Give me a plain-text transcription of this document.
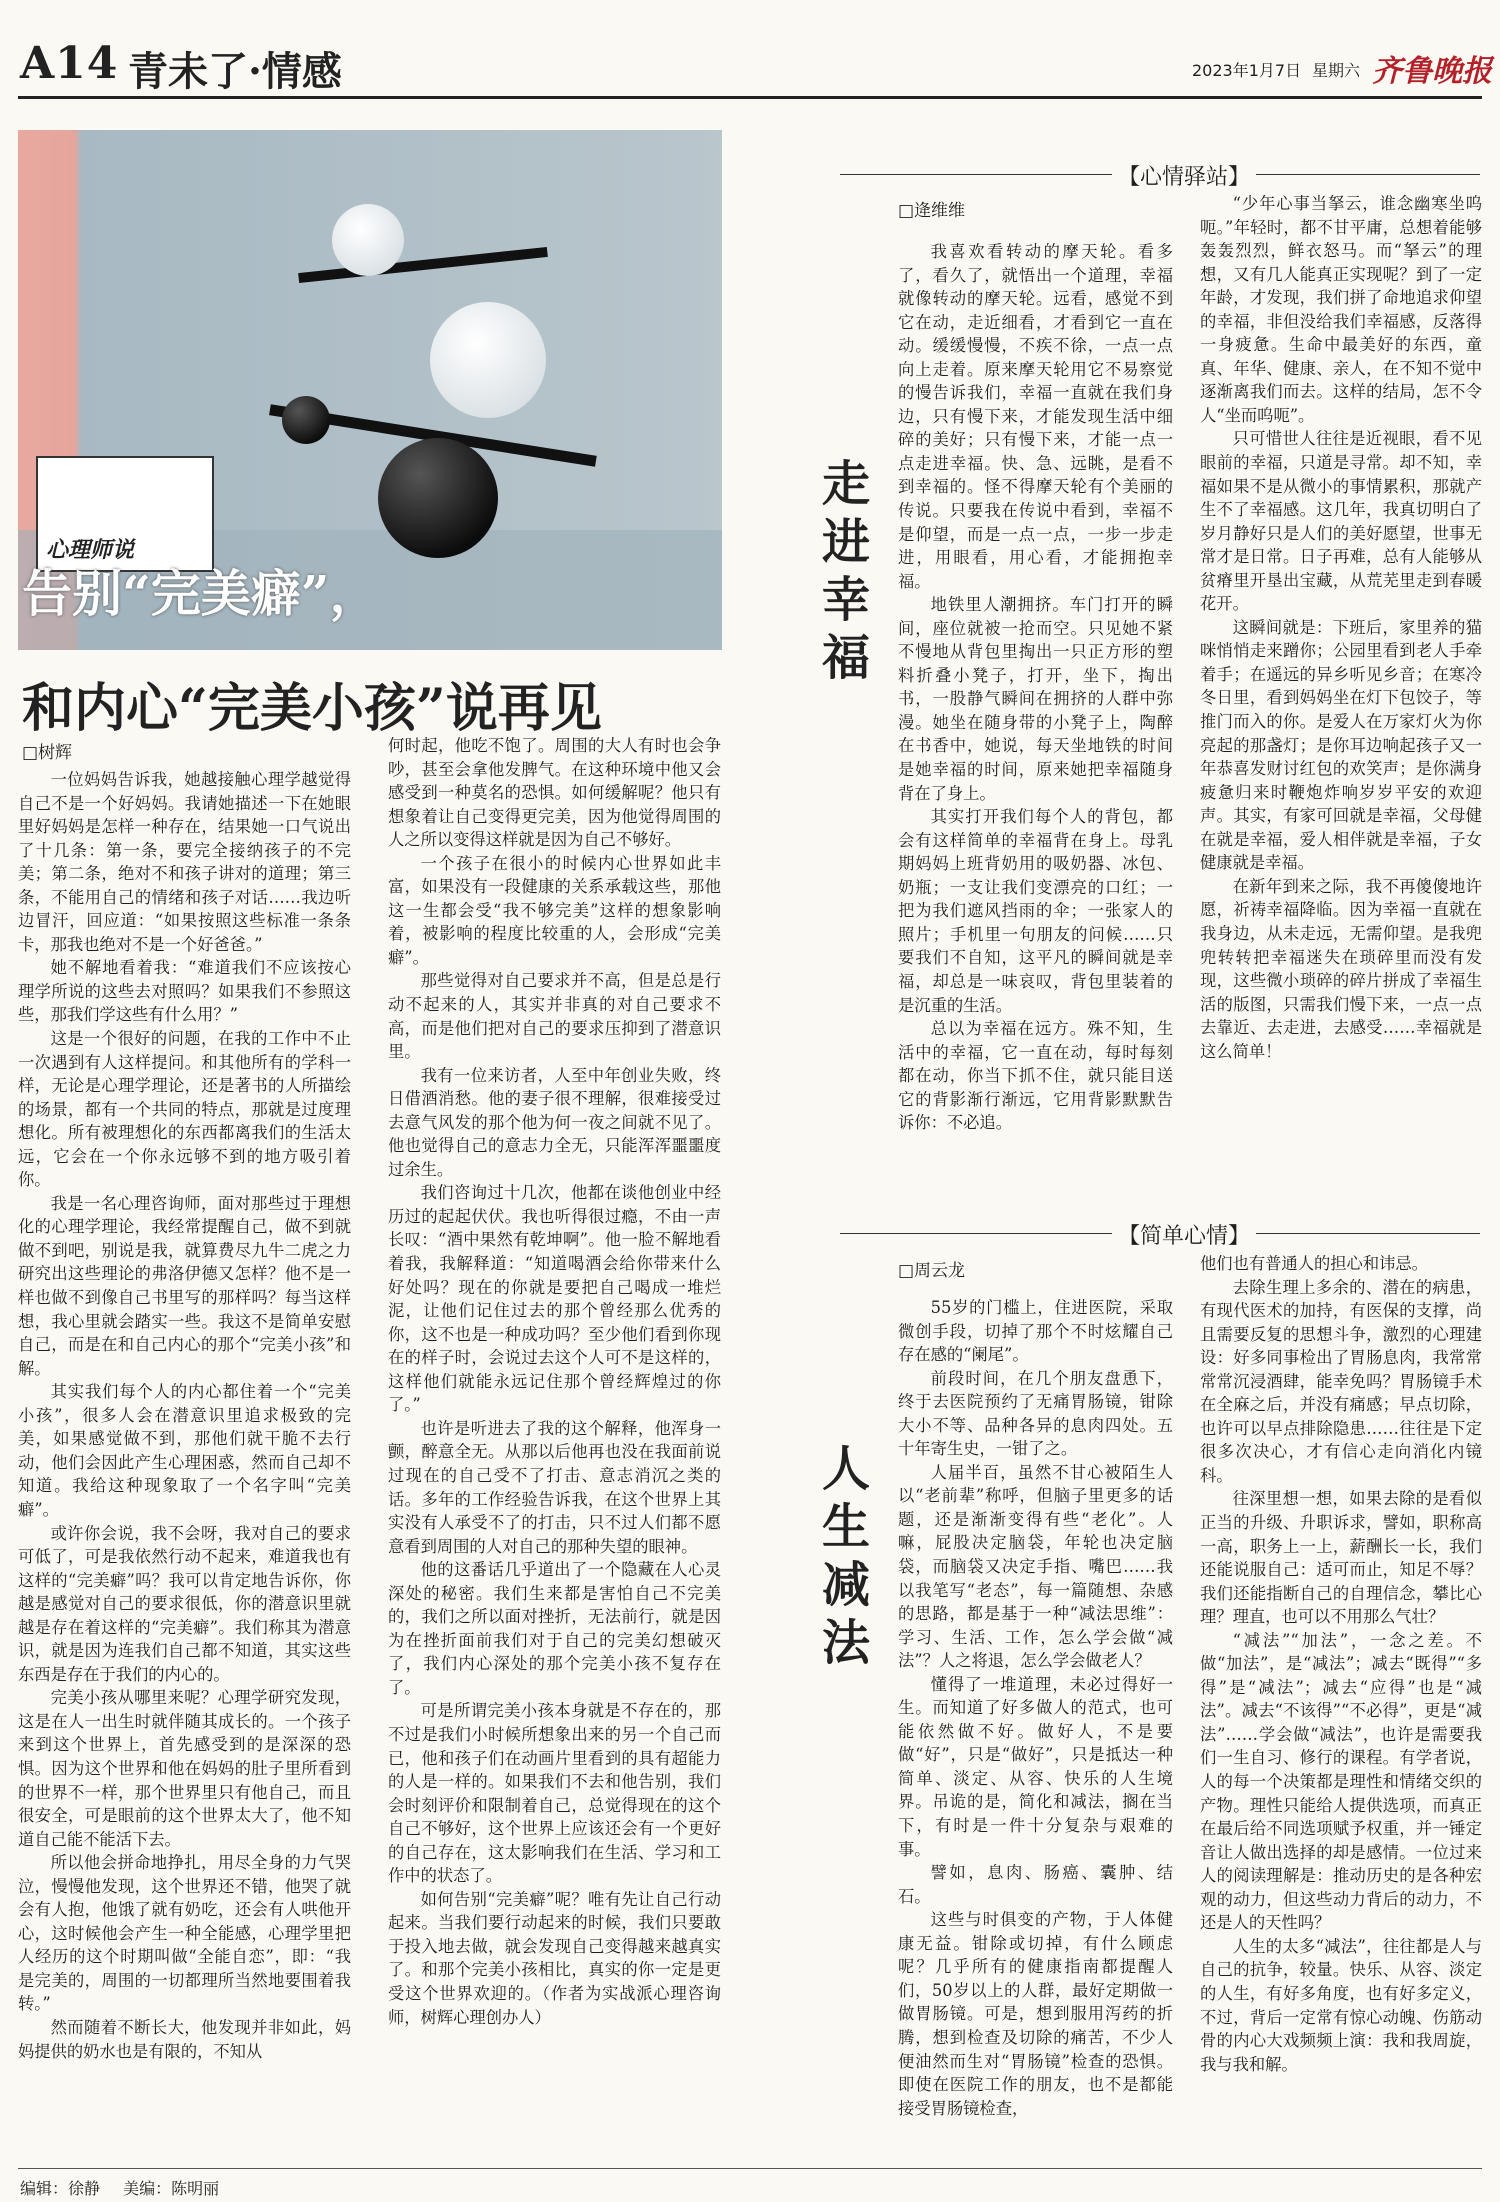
A14 青未了·情感	2023年1月7日 星期六 齐鲁晚报
心理师说
告别“完美癖”，
和内心“完美小孩”说再见
□树辉

一位妈妈告诉我，她越接触心理学越觉得自己不是一个好妈妈。我请她描述一下在她眼里好妈妈是怎样一种存在，结果她一口气说出了十几条：第一条，要完全接纳孩子的不完美；第二条，绝对不和孩子讲对的道理；第三条，不能用自己的情绪和孩子对话……我边听边冒汗，回应道：“如果按照这些标准一条条卡，那我也绝对不是一个好爸爸。”

她不解地看着我：“难道我们不应该按心理学所说的这些去对照吗？如果我们不参照这些，那我们学这些有什么用？”

这是一个很好的问题，在我的工作中不止一次遇到有人这样提问。和其他所有的学科一样，无论是心理学理论，还是著书的人所描绘的场景，都有一个共同的特点，那就是过度理想化。所有被理想化的东西都离我们的生活太远，它会在一个你永远够不到的地方吸引着你。

我是一名心理咨询师，面对那些过于理想化的心理学理论，我经常提醒自己，做不到就做不到吧，别说是我，就算费尽九牛二虎之力研究出这些理论的弗洛伊德又怎样？他不是一样也做不到像自己书里写的那样吗？每当这样想，我心里就会踏实一些。我这不是简单安慰自己，而是在和自己内心的那个“完美小孩”和解。

其实我们每个人的内心都住着一个“完美小孩”，很多人会在潜意识里追求极致的完美，如果感觉做不到，那他们就干脆不去行动，他们会因此产生心理困惑，然而自己却不知道。我给这种现象取了一个名字叫“完美癖”。

或许你会说，我不会呀，我对自己的要求可低了，可是我依然行动不起来，难道我也有这样的“完美癖”吗？我可以肯定地告诉你，你越是感觉对自己的要求很低，你的潜意识里就越是存在着这样的“完美癖”。我们称其为潜意识，就是因为连我们自己都不知道，其实这些东西是存在于我们的内心的。

完美小孩从哪里来呢？心理学研究发现，这是在人一出生时就伴随其成长的。一个孩子来到这个世界上，首先感受到的是深深的恐惧。因为这个世界和他在妈妈的肚子里所看到的世界不一样，那个世界里只有他自己，而且很安全，可是眼前的这个世界太大了，他不知道自己能不能活下去。

所以他会拼命地挣扎，用尽全身的力气哭泣，慢慢他发现，这个世界还不错，他哭了就会有人抱，他饿了就有奶吃，还会有人哄他开心，这时候他会产生一种全能感，心理学里把人经历的这个时期叫做“全能自恋”，即：“我是完美的，周围的一切都理所当然地要围着我转。”

然而随着不断长大，他发现并非如此，妈妈提供的奶水也是有限的，不知从

何时起，他吃不饱了。周围的大人有时也会争吵，甚至会拿他发脾气。在这种环境中他又会感受到一种莫名的恐惧。如何缓解呢？他只有想象着让自己变得更完美，因为他觉得周围的人之所以变得这样就是因为自己不够好。

一个孩子在很小的时候内心世界如此丰富，如果没有一段健康的关系承载这些，那他这一生都会受“我不够完美”这样的想象影响着，被影响的程度比较重的人，会形成“完美癖”。

那些觉得对自己要求并不高，但是总是行动不起来的人，其实并非真的对自己要求不高，而是他们把对自己的要求压抑到了潜意识里。

我有一位来访者，人至中年创业失败，终日借酒消愁。他的妻子很不理解，很难接受过去意气风发的那个他为何一夜之间就不见了。他也觉得自己的意志力全无，只能浑浑噩噩度过余生。

我们咨询过十几次，他都在谈他创业中经历过的起起伏伏。我也听得很过瘾，不由一声长叹：“酒中果然有乾坤啊”。他一脸不解地看着我，我解释道：“知道喝酒会给你带来什么好处吗？现在的你就是要把自己喝成一堆烂泥，让他们记住过去的那个曾经那么优秀的你，这不也是一种成功吗？至少他们看到你现在的样子时，会说过去这个人可不是这样的，这样他们就能永远记住那个曾经辉煌过的你了。”

也许是听进去了我的这个解释，他浑身一颤，醉意全无。从那以后他再也没在我面前说过现在的自己受不了打击、意志消沉之类的话。多年的工作经验告诉我，在这个世界上其实没有人承受不了的打击，只不过人们都不愿意看到周围的人对自己的那种失望的眼神。

他的这番话几乎道出了一个隐藏在人心灵深处的秘密。我们生来都是害怕自己不完美的，我们之所以面对挫折，无法前行，就是因为在挫折面前我们对于自己的完美幻想破灭了，我们内心深处的那个完美小孩不复存在了。

可是所谓完美小孩本身就是不存在的，那不过是我们小时候所想象出来的另一个自己而已，他和孩子们在动画片里看到的具有超能力的人是一样的。如果我们不去和他告别，我们会时刻评价和限制着自己，总觉得现在的这个自己不够好，这个世界上应该还会有一个更好的自己存在，这太影响我们在生活、学习和工作中的状态了。

如何告别“完美癖”呢？唯有先让自己行动起来。当我们要行动起来的时候，我们只要敢于投入地去做，就会发现自己变得越来越真实了。和那个完美小孩相比，真实的你一定是更受这个世界欢迎的。（作者为实战派心理咨询师，树辉心理创办人）

【心情驿站】
走进幸福
□逄维维

我喜欢看转动的摩天轮。看多了，看久了，就悟出一个道理，幸福就像转动的摩天轮。远看，感觉不到它在动，走近细看，才看到它一直在动。缓缓慢慢，不疾不徐，一点一点向上走着。原来摩天轮用它不易察觉的慢告诉我们，幸福一直就在我们身边，只有慢下来，才能发现生活中细碎的美好；只有慢下来，才能一点一点走进幸福。快、急、远眺，是看不到幸福的。怪不得摩天轮有个美丽的传说。只要我在传说中看到，幸福不是仰望，而是一点一点，一步一步走进，用眼看，用心看，才能拥抱幸福。

地铁里人潮拥挤。车门打开的瞬间，座位就被一抢而空。只见她不紧不慢地从背包里掏出一只正方形的塑料折叠小凳子，打开，坐下，掏出书，一股静气瞬间在拥挤的人群中弥漫。她坐在随身带的小凳子上，陶醉在书香中，她说，每天坐地铁的时间是她幸福的时间，原来她把幸福随身背在了身上。

其实打开我们每个人的背包，都会有这样简单的幸福背在身上。母乳期妈妈上班背奶用的吸奶器、冰包、奶瓶；一支让我们变漂亮的口红；一把为我们遮风挡雨的伞；一张家人的照片；手机里一句朋友的问候……只要我们不自知，这平凡的瞬间就是幸福，却总是一味哀叹，背包里装着的是沉重的生活。

总以为幸福在远方。殊不知，生活中的幸福，它一直在动，每时每刻都在动，你当下抓不住，就只能目送它的背影渐行渐远，它用背影默默告诉你：不必追。

“少年心事当拏云，谁念幽寒坐呜呃。”年轻时，都不甘平庸，总想着能够轰轰烈烈，鲜衣怒马。而“拏云”的理想，又有几人能真正实现呢？到了一定年龄，才发现，我们拼了命地追求仰望的幸福，非但没给我们幸福感，反落得一身疲惫。生命中最美好的东西，童真、年华、健康、亲人，在不知不觉中逐渐离我们而去。这样的结局，怎不令人“坐而呜呃”。

只可惜世人往往是近视眼，看不见眼前的幸福，只道是寻常。却不知，幸福如果不是从微小的事情累积，那就产生不了幸福感。这几年，我真切明白了岁月静好只是人们的美好愿望，世事无常才是日常。日子再难，总有人能够从贫瘠里开垦出宝藏，从荒芜里走到春暖花开。

这瞬间就是：下班后，家里养的猫咪悄悄走来蹭你；公园里看到老人手牵着手；在遥远的异乡听见乡音；在寒冷冬日里，看到妈妈坐在灯下包饺子，等推门而入的你。是爱人在万家灯火为你亮起的那盏灯；是你耳边响起孩子又一年恭喜发财讨红包的欢笑声；是你满身疲惫归来时鞭炮炸响岁岁平安的欢迎声。其实，有家可回就是幸福，父母健在就是幸福，爱人相伴就是幸福，子女健康就是幸福。

在新年到来之际，我不再傻傻地许愿，祈祷幸福降临。因为幸福一直就在我身边，从未走远，无需仰望。是我兜兜转转把幸福迷失在琐碎里而没有发现，这些微小琐碎的碎片拼成了幸福生活的版图，只需我们慢下来，一点一点去靠近、去走进，去感受……幸福就是这么简单！

【简单心情】
人生减法
□周云龙

55岁的门槛上，住进医院，采取微创手段，切掉了那个不时炫耀自己存在感的“阑尾”。

前段时间，在几个朋友盘恿下，终于去医院预约了无痛胃肠镜，钳除大小不等、品种各异的息肉四处。五十年寄生史，一钳了之。

人届半百，虽然不甘心被陌生人以“老前辈”称呼，但脑子里更多的话题，还是渐渐变得有些“老化”。人嘛，屁股决定脑袋，年轮也决定脑袋，而脑袋又决定手指、嘴巴……我以我笔写“老态”，每一篇随想、杂感的思路，都是基于一种“减法思维”：学习、生活、工作，怎么学会做“减法”？人之将退，怎么学会做老人？

懂得了一堆道理，未必过得好一生。而知道了好多做人的范式，也可能依然做不好。做好人，不是要做“好”，只是“做好”，只是抵达一种简单、淡定、从容、快乐的人生境界。吊诡的是，简化和减法，搁在当下，有时是一件十分复杂与艰难的事。

譬如，息肉、肠癌、囊肿、结石。

这些与时俱变的产物，于人体健康无益。钳除或切掉，有什么顾虑呢？几乎所有的健康指南都提醒人们，50岁以上的人群，最好定期做一做胃肠镜。可是，想到服用泻药的折腾，想到检查及切除的痛苦，不少人便油然而生对“胃肠镜”检查的恐惧。即使在医院工作的朋友，也不是都能接受胃肠镜检查，

他们也有普通人的担心和讳忌。

去除生理上多余的、潜在的病患，有现代医术的加持，有医保的支撑，尚且需要反复的思想斗争，激烈的心理建设：好多同事检出了胃肠息肉，我常常常常沉浸酒肆，能幸免吗？胃肠镜手术在全麻之后，并没有痛感；早点切除，也许可以早点排除隐患……往往是下定很多次决心，才有信心走向消化内镜科。

往深里想一想，如果去除的是看似正当的升级、升职诉求，譬如，职称高一高，职务上一上，薪酬长一长，我们还能说服自己：适可而止，知足不辱？我们还能指断自己的自理信念，攀比心理？理直，也可以不用那么气壮？

“减法”“加法”，一念之差。不做“加法”，是“减法”；减去“既得”“多得”是“减法”；减去“应得”也是“减法”。减去“不该得”“不必得”，更是“减法”……学会做“减法”，也许是需要我们一生自习、修行的课程。有学者说，人的每一个决策都是理性和情绪交织的产物。理性只能给人提供选项，而真正在最后给不同选项赋予权重，并一锤定音让人做出选择的却是感情。一位过来人的阅读理解是：推动历史的是各种宏观的动力，但这些动力背后的动力，不还是人的天性吗？

人生的太多“减法”，往往都是人与自己的抗争，较量。快乐、从容、淡定的人生，有好多角度，也有好多定义，不过，背后一定常有惊心动魄、伤筋动骨的内心大戏频频上演：我和我周旋，我与我和解。

编辑：徐静 美编：陈明丽
